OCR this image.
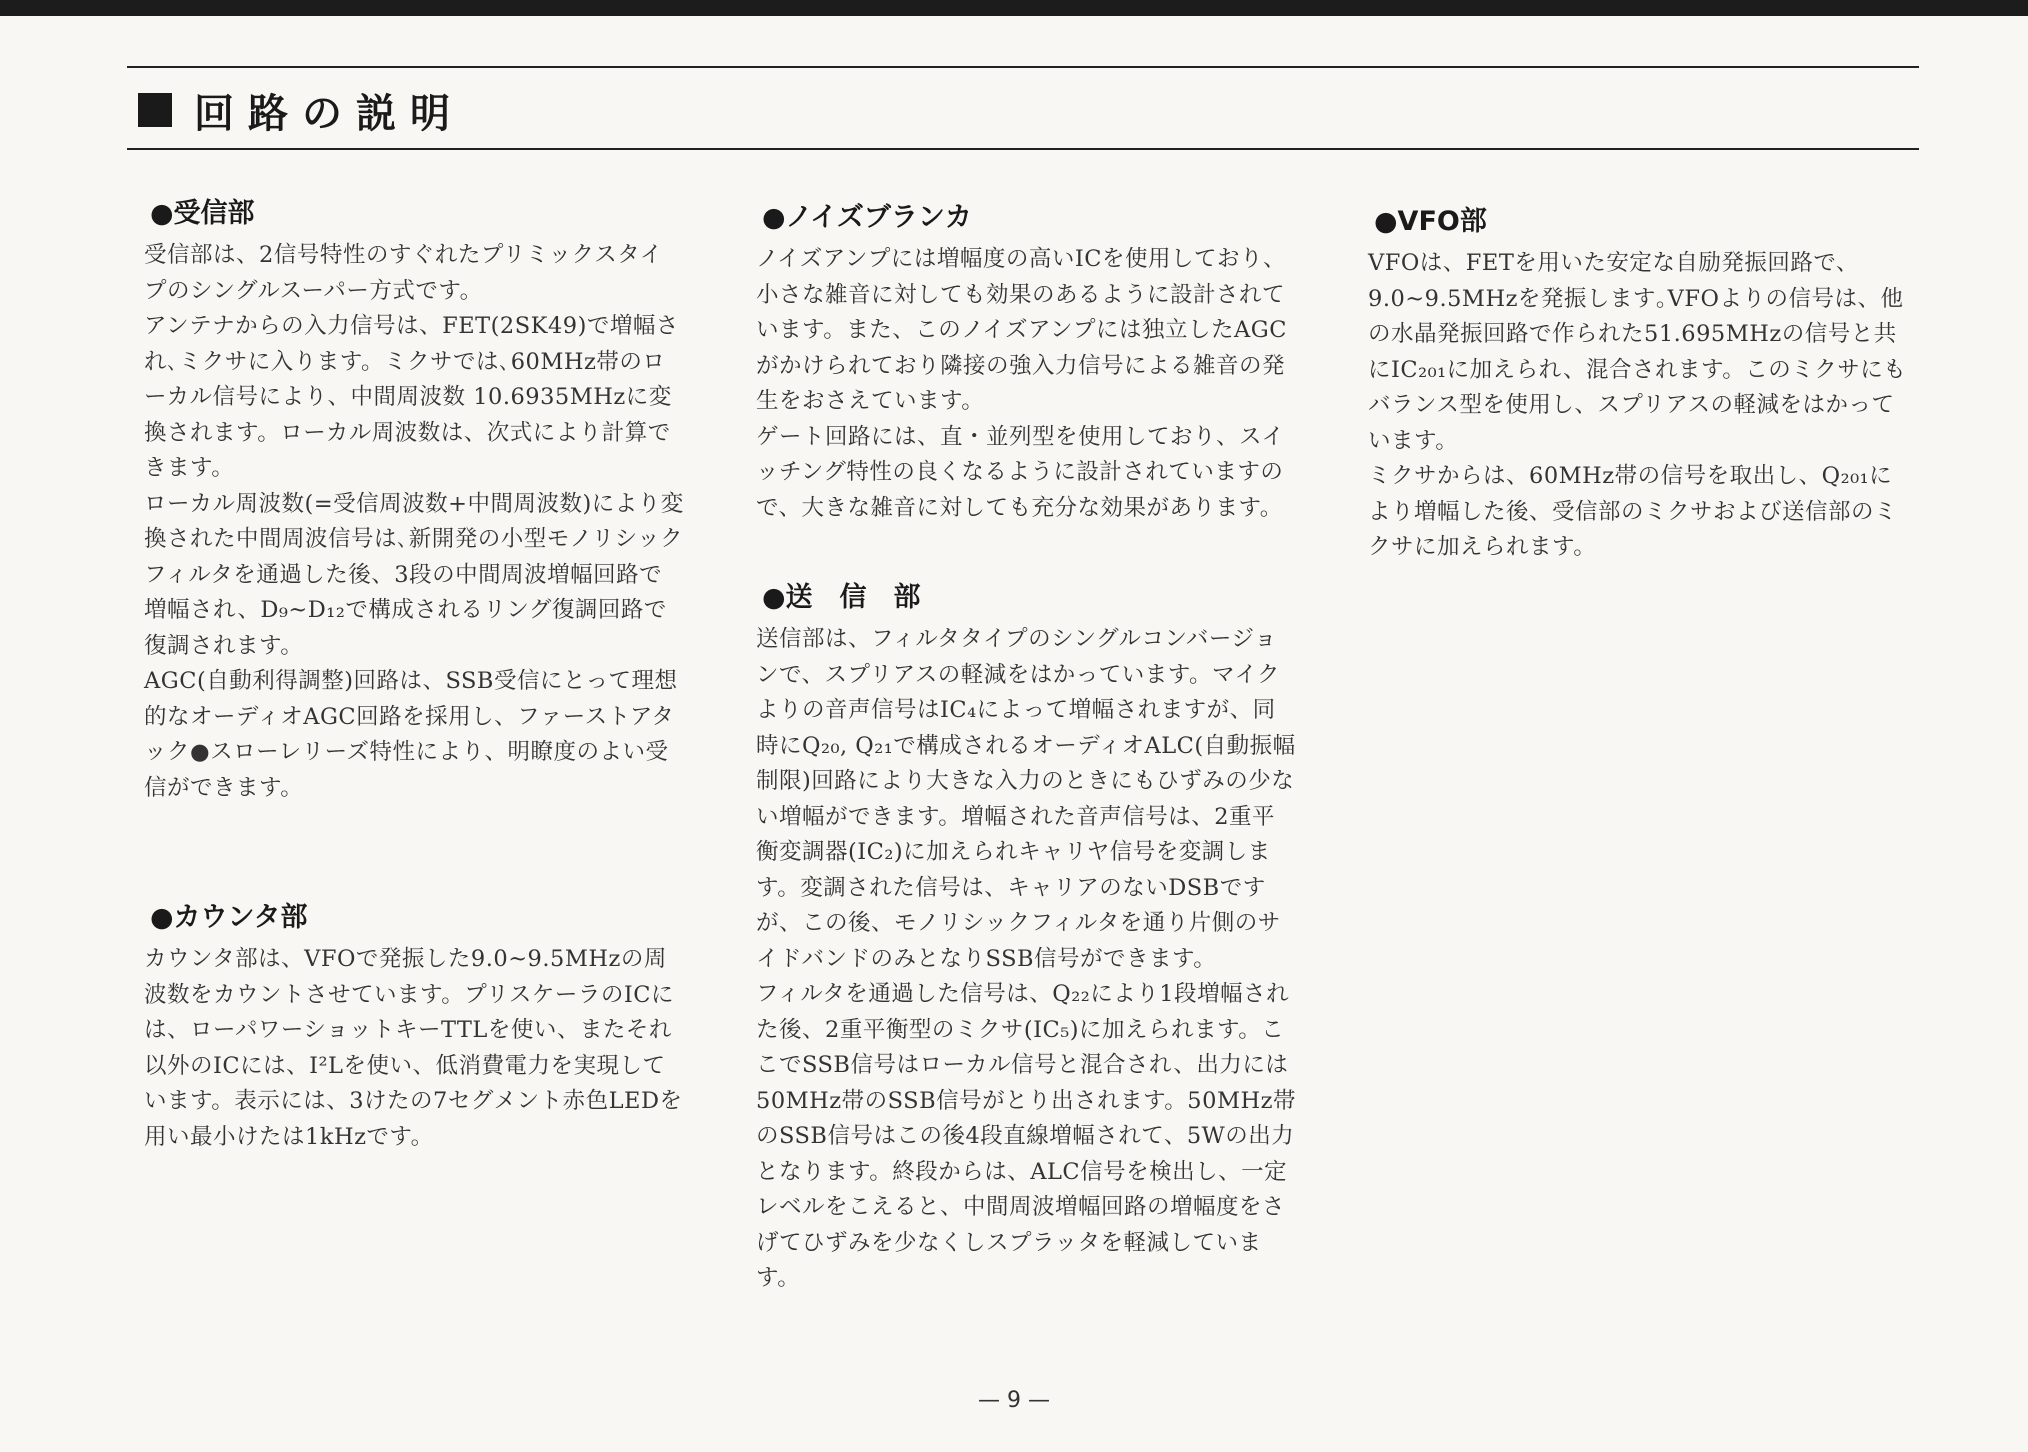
回路の説明
●受信部

受信部は、2信号特性のすぐれたプリミックスタイプのシングルスーパー方式です。

アンテナからの入力信号は、FET(2SK49)で増幅され､ミクサに入ります。ミクサでは､60MHz帯のローカル信号により、中間周波数 10.6935MHzに変換されます。ローカル周波数は、次式により計算できます。

ローカル周波数(=受信周波数+中間周波数)により変換された中間周波信号は､新開発の小型モノリシックフィルタを通過した後、3段の中間周波増幅回路で増幅され、D₉~D₁₂で構成されるリング復調回路で復調されます。

AGC(自動利得調整)回路は、SSB受信にとって理想的なオーディオAGC回路を採用し、ファーストアタック●スローレリーズ特性により、明瞭度のよい受信ができます。

●カウンタ部

カウンタ部は、VFOで発振した9.0~9.5MHzの周波数をカウントさせています。プリスケーラのICには、ローパワーショットキーTTLを使い、またそれ以外のICには、I²Lを使い、低消費電力を実現しています。表示には、3けたの7セグメント赤色LEDを用い最小けたは1kHzです。

●ノイズブランカ

ノイズアンプには増幅度の高いICを使用しており、小さな雑音に対しても効果のあるように設計されています。また、このノイズアンプには独立したAGCがかけられており隣接の強入力信号による雑音の発生をおさえています。

ゲート回路には、直・並列型を使用しており、スイッチング特性の良くなるように設計されていますので、大きな雑音に対しても充分な効果があります。

●送　信　部

送信部は、フィルタタイプのシングルコンバージョンで、スプリアスの軽減をはかっています。マイクよりの音声信号はIC₄によって増幅されますが、同時にQ₂₀, Q₂₁で構成されるオーディオALC(自動振幅制限)回路により大きな入力のときにもひずみの少ない増幅ができます。増幅された音声信号は、2重平衡変調器(IC₂)に加えられキャリヤ信号を変調します。変調された信号は、キャリアのないDSBですが、この後、モノリシックフィルタを通り片側のサイドバンドのみとなりSSB信号ができます。

フィルタを通過した信号は、Q₂₂により1段増幅された後、2重平衡型のミクサ(IC₅)に加えられます。ここでSSB信号はローカル信号と混合され、出力には50MHz帯のSSB信号がとり出されます。50MHz帯のSSB信号はこの後4段直線増幅されて、5Wの出力となります。終段からは、ALC信号を検出し、一定レベルをこえると、中間周波増幅回路の増幅度をさげてひずみを少なくしスプラッタを軽減しています。

●VFO部

VFOは、FETを用いた安定な自励発振回路で、9.0~9.5MHzを発振します｡VFOよりの信号は、他の水晶発振回路で作られた51.695MHzの信号と共にIC₂₀₁に加えられ、混合されます。このミクサにもバランス型を使用し、スプリアスの軽減をはかっています。

ミクサからは、60MHz帯の信号を取出し、Q₂₀₁により増幅した後、受信部のミクサおよび送信部のミクサに加えられます。

— 9 —
